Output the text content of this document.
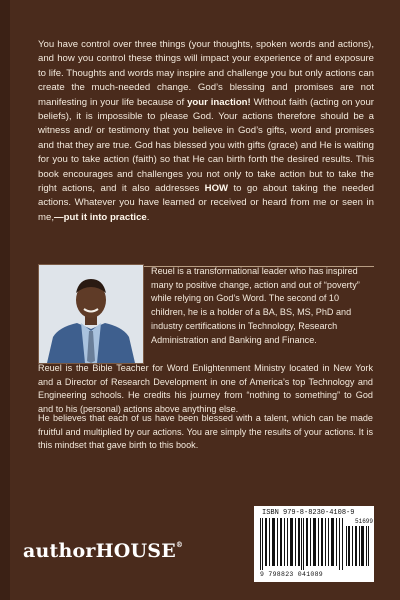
You have control over three things (your thoughts, spoken words and actions), and how you control these things will impact your experience of and exposure to life. Thoughts and words may inspire and challenge you but only actions can create the much-needed change. God’s blessing and promises are not manifesting in your life because of your inaction! Without faith (acting on your beliefs), it is impossible to please God. Your actions therefore should be a witness and/ or testimony that you believe in God’s gifts, word and promises and that they are true. God has blessed you with gifts (grace) and He is waiting for you to take action (faith) so that He can birth forth the desired results. This book encourages and challenges you not only to take action but to take the right actions, and it also addresses HOW to go about taking the needed actions. Whatever you have learned or received or heard from me or seen in me,—put it into practice.

Reuel is a transformational leader who has inspired many to positive change, action and out of “poverty” while relying on God’s Word. The second of 10 children, he is a holder of a BA, BS, MS, PhD and industry certifications in Technology, Research Administration and Banking and Finance.

Reuel is the Bible Teacher for Word Enlightenment Ministry located in New York and a Director of Research Development in one of America’s top Technology and Engineering schools. He credits his journey from “nothing to something” to God and to his (personal) actions above anything else.

He believes that each of us have been blessed with a talent, which can be made fruitful and multiplied by our actions. You are simply the results of your actions. It is this mindset that gave birth to this book.

authorHOUSE®
ISBN 979-8-8230-4108-9
51699
9 798823 041089
